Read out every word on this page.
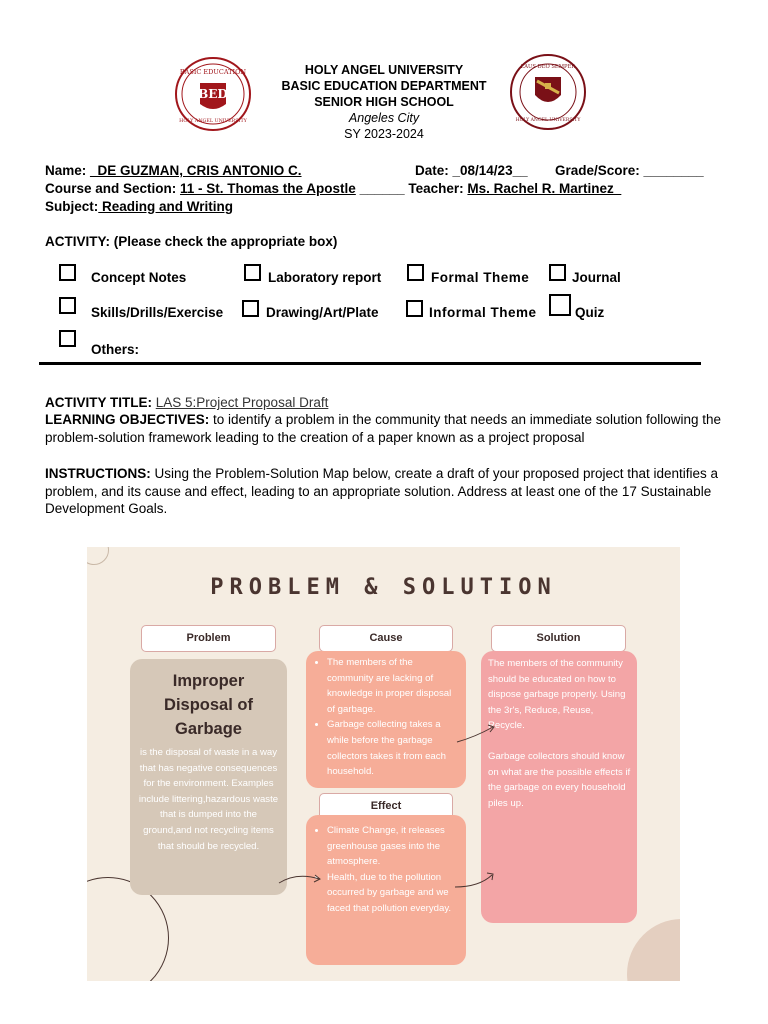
BED
BASIC EDUCATION
HOLY ANGEL UNIVERSITY
LAUS DEO SEMPER
HOLY ANGEL UNIVERSITY
HOLY ANGEL UNIVERSITY
BASIC EDUCATION DEPARTMENT
SENIOR HIGH SCHOOL
Angeles City
SY 2023-2024
Name: _DE GUZMAN, CRIS ANTONIO C.	Date: _08/14/23__ Grade/Score: ________
Course and Section: 11 - St. Thomas the Apostle ______ Teacher: Ms. Rachel R. Martinez_
Subject: Reading and Writing
ACTIVITY: (Please check the appropriate box)
Concept Notes	Laboratory report	Formal Theme	Journal
Skills/Drills/Exercise	Drawing/Art/Plate	Informal Theme	Quiz
Others:
ACTIVITY TITLE: LAS 5:Project Proposal Draft
LEARNING OBJECTIVES: to identify a problem in the community that needs an immediate solution following the problem-solution framework leading to the creation of a paper known as a project proposal
INSTRUCTIONS: Using the Problem-Solution Map below, create a draft of your proposed project that identifies a problem, and its cause and effect, leading to an appropriate solution. Address at least one of the 17 Sustainable Development Goals.
PROBLEM & SOLUTION
Problem
Improper
Disposal of
Garbage
is the disposal of waste in a way that has negative consequences for the environment. Examples include littering,hazardous waste that is dumped into the ground,and not recycling items that should be recycled.
Cause
• The members of the community are lacking of knowledge in proper disposal of garbage.
• Garbage collecting takes a while before the garbage collectors takes it from each household.
Effect
• Climate Change, it releases greenhouse gases into the atmosphere.
• Health, due to the pollution occurred by garbage and we faced that pollution everyday.
Solution
The members of the community should be educated on how to dispose garbage properly. Using the 3r's, Reduce, Reuse, Recycle.
Garbage collectors should know on what are the possible effects if the garbage on every household piles up.
